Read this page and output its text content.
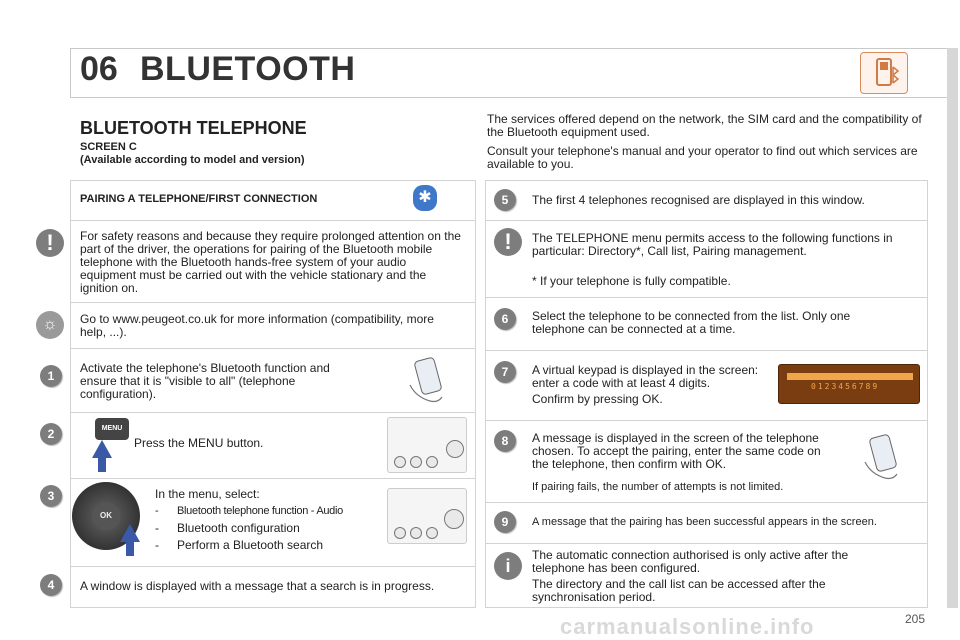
06 BLUETOOTH
BLUETOOTH TELEPHONE
SCREEN C
(Available according to model and version)

The services offered depend on the network, the SIM card and the compatibility of the Bluetooth equipment used.

Consult your telephone's manual and your operator to find out which services are available to you.

PAIRING A TELEPHONE/FIRST CONNECTION	✱
!	For safety reasons and because they require prolonged attention on the part of the driver, the operations for pairing of the Bluetooth mobile telephone with the Bluetooth hands-free system of your audio equipment must be carried out with the vehicle stationary and the ignition on.
☼	Go to www.peugeot.co.uk for more information (compatibility, more help, ...).
1
Activate the telephone's Bluetooth function and ensure that it is "visible to all" (telephone configuration).
2	MENU
Press the MENU button.
3
OK
In the menu, select:
- Bluetooth telephone function - Audio
- Bluetooth configuration
- Perform a Bluetooth search
4	A window is displayed with a message that a search is in progress.
5	The first 4 telephones recognised are displayed in this window.
!	The TELEPHONE menu permits access to the following functions in particular: Directory*, Call list, Pairing management.
* If your telephone is fully compatible.
6	Select the telephone to be connected from the list. Only one telephone can be connected at a time.
7	A virtual keypad is displayed in the screen: enter a code with at least 4 digits.
Confirm by pressing OK.
0123456789
8	A message is displayed in the screen of the telephone chosen. To accept the pairing, enter the same code on the telephone, then confirm with OK.
If pairing fails, the number of attempts is not limited.
9	A message that the pairing has been successful appears in the screen.
i
The automatic connection authorised is only active after the telephone has been configured.
The directory and the call list can be accessed after the synchronisation period.
carmanualsonline.info	205
